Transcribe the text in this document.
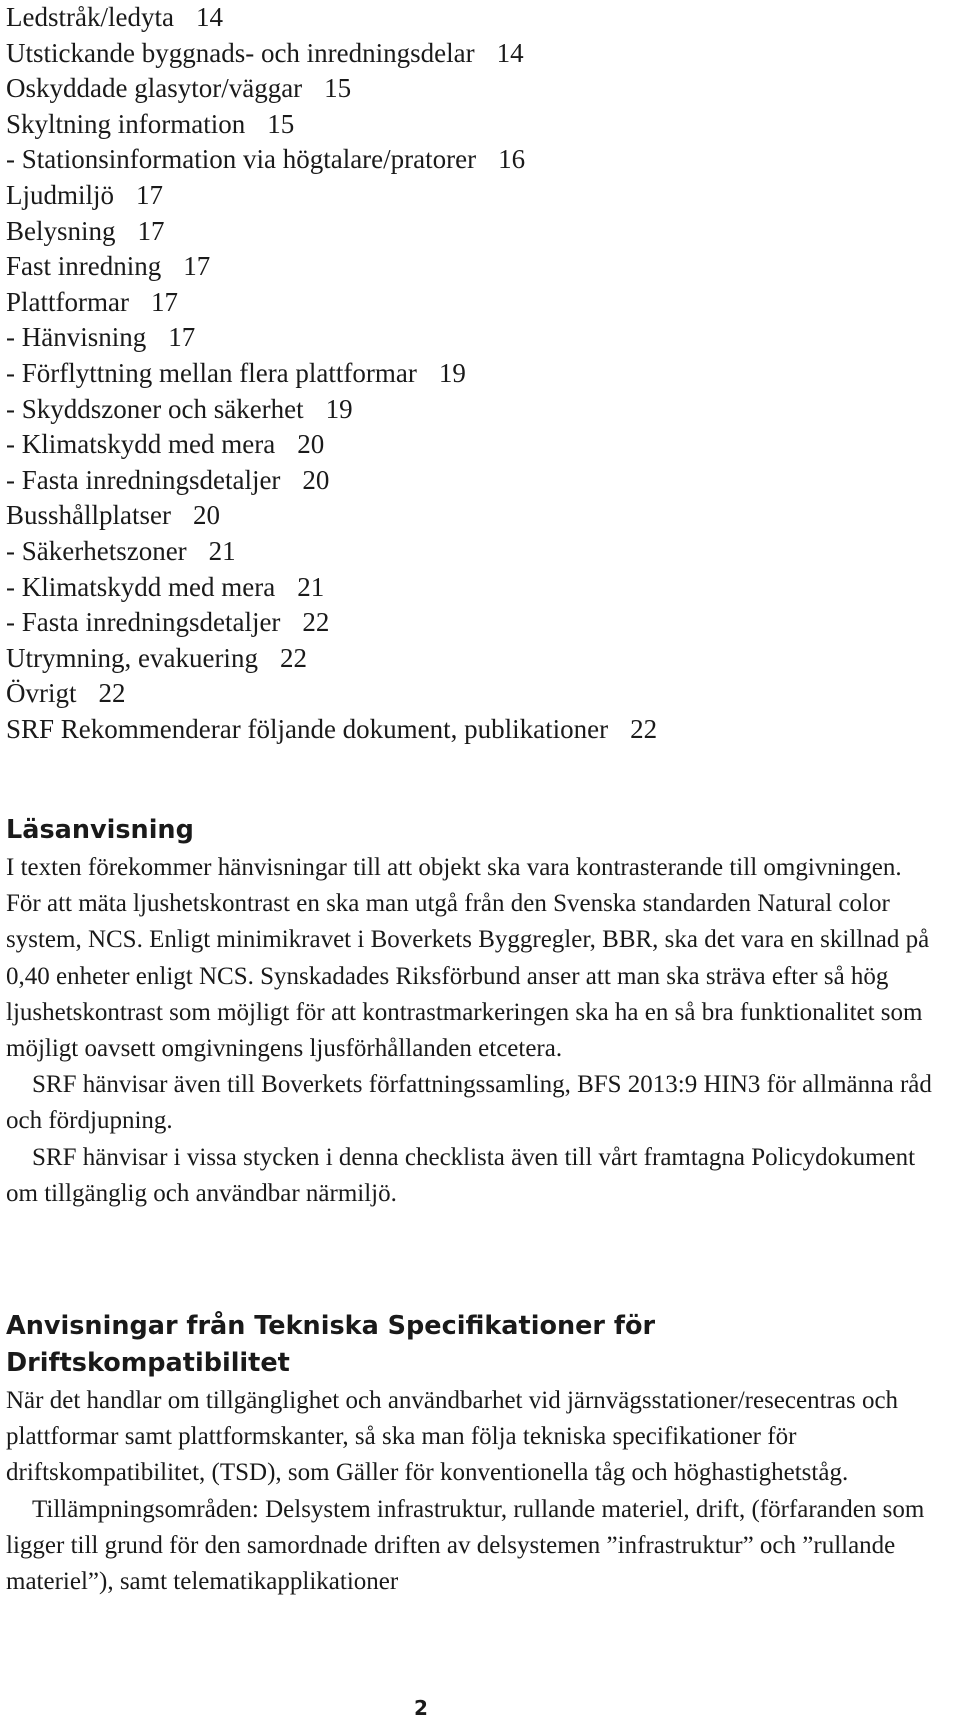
Ledstråk/ledyta 14
Utstickande byggnads- och inredningsdelar 14
Oskyddade glasytor/väggar 15
Skyltning information 15
- Stationsinformation via högtalare/pratorer 16
Ljudmiljö 17
Belysning 17
Fast inredning 17
Plattformar 17
- Hänvisning 17
- Förflyttning mellan flera plattformar 19
- Skyddszoner och säkerhet 19
- Klimatskydd med mera 20
- Fasta inredningsdetaljer 20
Busshållplatser 20
- Säkerhetszoner 21
- Klimatskydd med mera 21
- Fasta inredningsdetaljer 22
Utrymning, evakuering 22
Övrigt 22
SRF Rekommenderar följande dokument, publikationer 22
Läsanvisning

I texten förekommer hänvisningar till att objekt ska vara kontrasterande till omgivningen. För att mäta ljushetskontrast en ska man utgå från den Svenska standarden Natural color system, NCS. Enligt minimikravet i Boverkets Byggregler, BBR, ska det vara en skillnad på 0,40 enheter enligt NCS. Synskadades Riksförbund anser att man ska sträva efter så hög ljushetskontrast som möjligt för att kontrastmarkeringen ska ha en så bra funktionalitet som möjligt oavsett omgivningens ljusförhållanden etcetera.

SRF hänvisar även till Boverkets författningssamling, BFS 2013:9 HIN3 för allmänna råd och fördjupning.

SRF hänvisar i vissa stycken i denna checklista även till vårt framtagna Policydokument om tillgänglig och användbar närmiljö.

Anvisningar från Tekniska Specifikationer för Driftskompatibilitet

När det handlar om tillgänglighet och användbarhet vid järnvägsstationer/resecentras och plattformar samt plattformskanter, så ska man följa tekniska specifikationer för driftskompatibilitet, (TSD), som Gäller för konventionella tåg och höghastighetståg.

Tillämpningsområden: Delsystem infrastruktur, rullande materiel, drift, (förfaranden som ligger till grund för den samordnade driften av delsystemen ”infrastruktur” och ”rullande materiel”), samt telematikapplikationer

2
